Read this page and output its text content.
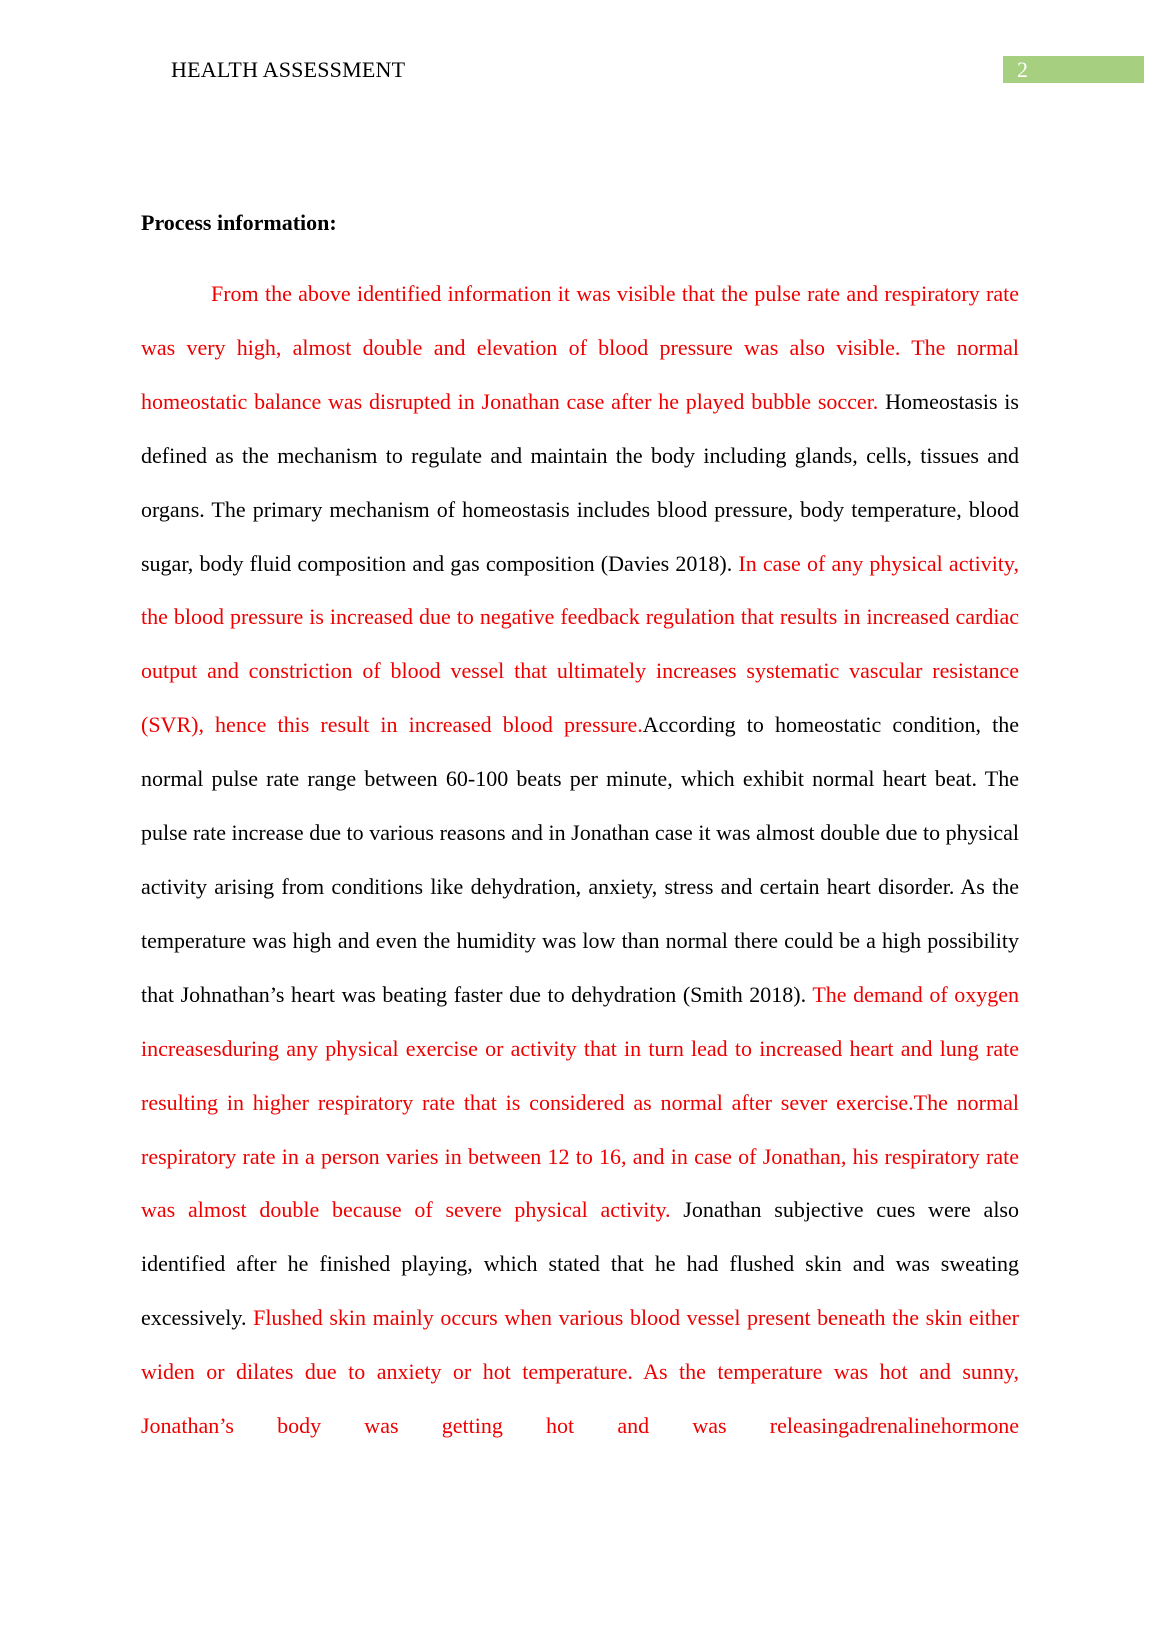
HEALTH ASSESSMENT	2
Process information:

From the above identified information it was visible that the pulse rate and respiratory rate was very high, almost double and elevation of blood pressure was also visible. The normal homeostatic balance was disrupted in Jonathan case after he played bubble soccer. Homeostasis is defined as the mechanism to regulate and maintain the body including glands, cells, tissues and organs. The primary mechanism of homeostasis includes blood pressure, body temperature, blood sugar, body fluid composition and gas composition (Davies 2018). In case of any physical activity, the blood pressure is increased due to negative feedback regulation that results in increased cardiac output and constriction of blood vessel that ultimately increases systematic vascular resistance (SVR), hence this result in increased blood pressure.According to homeostatic condition, the normal pulse rate range between 60-100 beats per minute, which exhibit normal heart beat. The pulse rate increase due to various reasons and in Jonathan case it was almost double due to physical activity arising from conditions like dehydration, anxiety, stress and certain heart disorder. As the temperature was high and even the humidity was low than normal there could be a high possibility that Johnathan’s heart was beating faster due to dehydration (Smith 2018). The demand of oxygen increasesduring any physical exercise or activity that in turn lead to increased heart and lung rate resulting in higher respiratory rate that is considered as normal after sever exercise.The normal respiratory rate in a person varies in between 12 to 16, and in case of Jonathan, his respiratory rate was almost double because of severe physical activity. Jonathan subjective cues were also identified after he finished playing, which stated that he had flushed skin and was sweating excessively. Flushed skin mainly occurs when various blood vessel present beneath the skin either widen or dilates due to anxiety or hot temperature. As the temperature was hot and sunny, Jonathan’s body was getting hot and was releasingadrenalinehormone
